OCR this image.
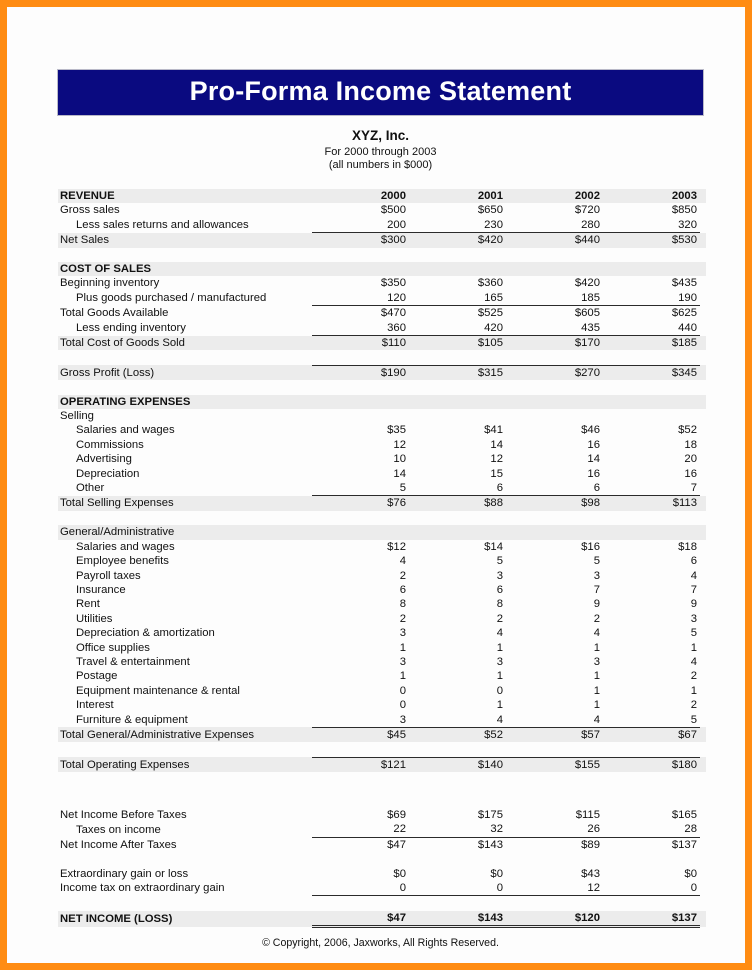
Pro-Forma Income Statement
XYZ, Inc.
For 2000 through 2003
(all numbers in $000)
REVENUE	2000	2001	2002	2003	
Gross sales	$500	$650	$720	$850	
Less sales returns and allowances	200	230	280	320	
Net Sales	$300	$420	$440	$530	

COST OF SALES					
Beginning inventory	$350	$360	$420	$435	
Plus goods purchased / manufactured	120	165	185	190	
Total Goods Available	$470	$525	$605	$625	
Less ending inventory	360	420	435	440	
Total Cost of Goods Sold	$110	$105	$170	$185	

Gross Profit (Loss)	$190	$315	$270	$345	

OPERATING EXPENSES					
Selling					
Salaries and wages	$35	$41	$46	$52	
Commissions	12	14	16	18	
Advertising	10	12	14	20	
Depreciation	14	15	16	16	
Other	5	6	6	7	
Total Selling Expenses	$76	$88	$98	$113	

General/Administrative					
Salaries and wages	$12	$14	$16	$18	
Employee benefits	4	5	5	6	
Payroll taxes	2	3	3	4	
Insurance	6	6	7	7	
Rent	8	8	9	9	
Utilities	2	2	2	3	
Depreciation & amortization	3	4	4	5	
Office supplies	1	1	1	1	
Travel & entertainment	3	3	3	4	
Postage	1	1	1	2	
Equipment maintenance & rental	0	0	1	1	
Interest	0	1	1	2	
Furniture & equipment	3	4	4	5	
Total General/Administrative Expenses	$45	$52	$57	$67	

Total Operating Expenses	$121	$140	$155	$180	

Net Income Before Taxes	$69	$175	$115	$165	
Taxes on income	22	32	26	28	
Net Income After Taxes	$47	$143	$89	$137	

Extraordinary gain or loss	$0	$0	$43	$0	
Income tax on extraordinary gain	0	0	12	0	

NET INCOME (LOSS)	$47	$143	$120	$137	
© Copyright, 2006, Jaxworks, All Rights Reserved.
